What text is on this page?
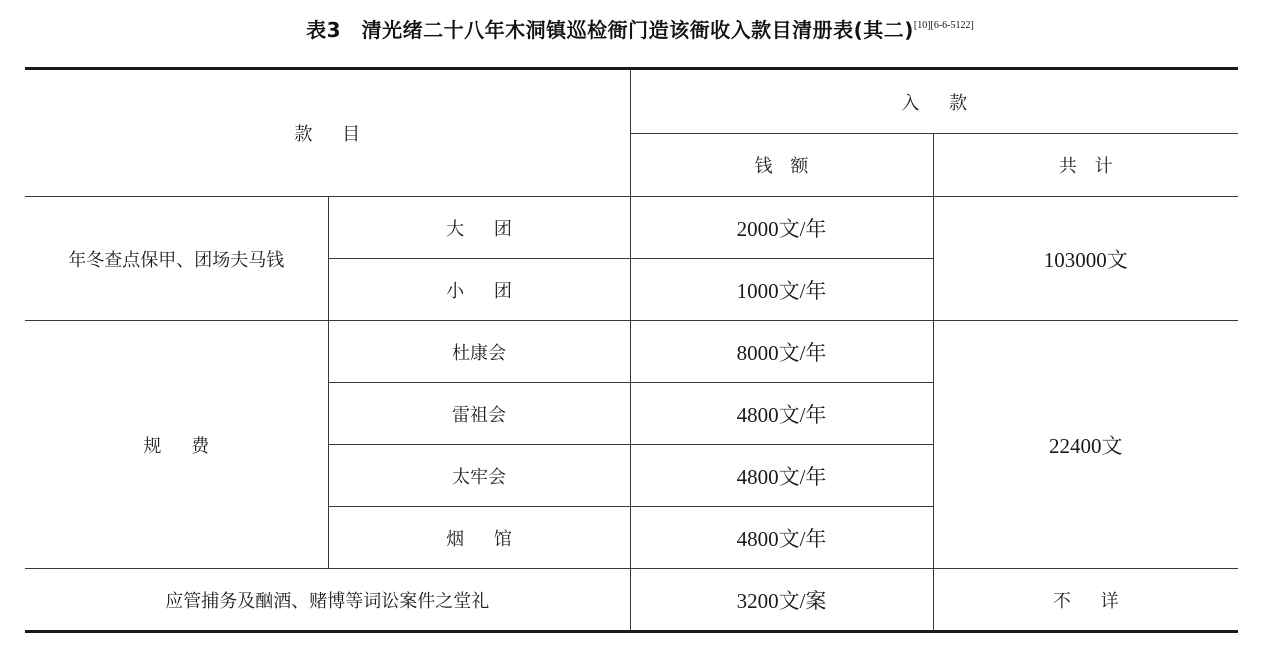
表3　清光绪二十八年木洞镇巡检衙门造该衙收入款目清册表(其二)[10][6-6-5122]
款 目		入 款	
		钱 额	共 计
年冬查点保甲、团场夫马钱	大 团	2000文/年	103000文
	小 团	1000文/年	
规 费	杜康会	8000文/年	22400文
	雷祖会	4800文/年	
	太牢会	4800文/年	
	烟 馆	4800文/年	
应管捕务及酗酒、赌博等词讼案件之堂礼		3200文/案	不 详
